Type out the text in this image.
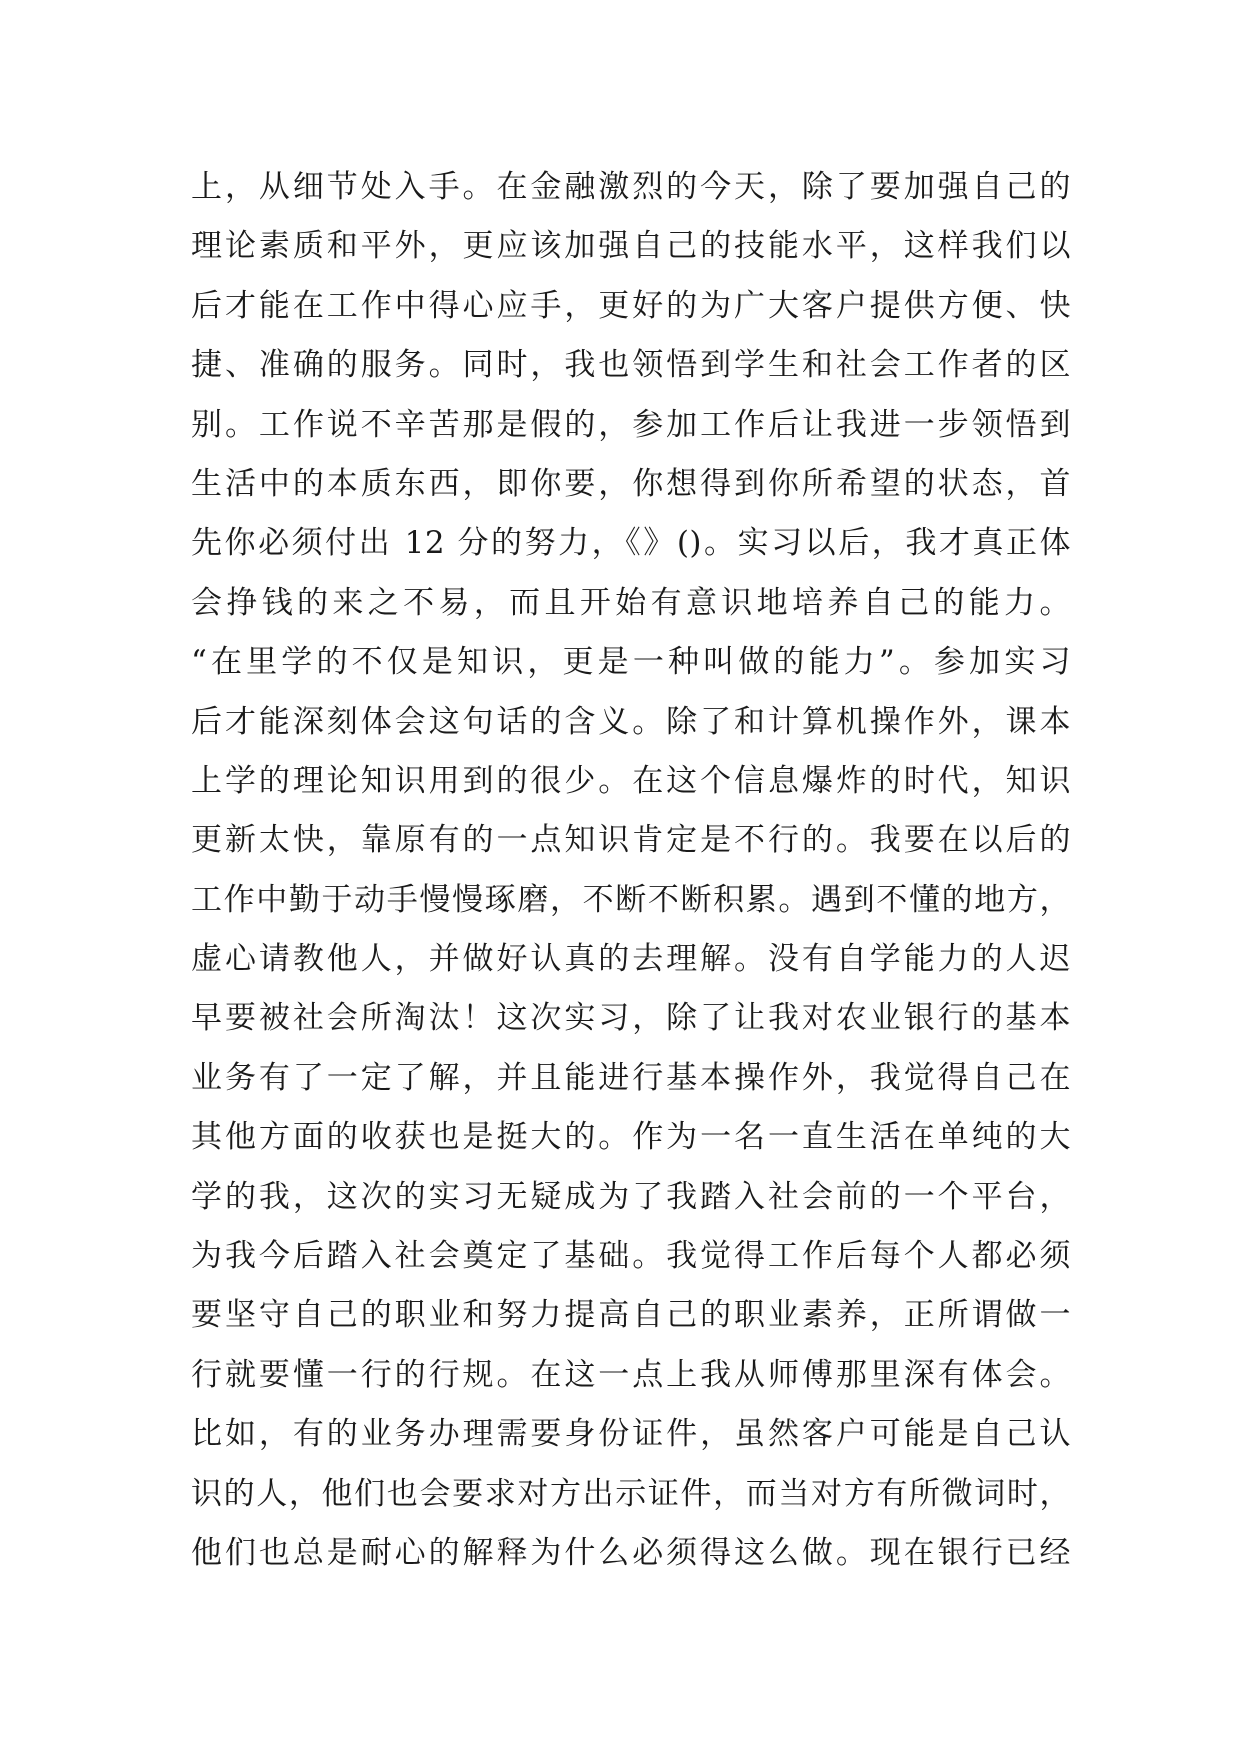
上，从细节处入手。在金融激烈的今天，除了要加强自己的
理论素质和平外，更应该加强自己的技能水平，这样我们以
后才能在工作中得心应手，更好的为广大客户提供方便、快
捷、准确的服务。同时，我也领悟到学生和社会工作者的区
别。工作说不辛苦那是假的，参加工作后让我进一步领悟到
生活中的本质东西，即你要，你想得到你所希望的状态，首
先你必须付出 12 分的努力，《》()。实习以后，我才真正体
会挣钱的来之不易，而且开始有意识地培养自己的能力。
“在里学的不仅是知识，更是一种叫做的能力”。参加实习
后才能深刻体会这句话的含义。除了和计算机操作外，课本
上学的理论知识用到的很少。在这个信息爆炸的时代，知识
更新太快，靠原有的一点知识肯定是不行的。我要在以后的
工作中勤于动手慢慢琢磨，不断不断积累。遇到不懂的地方，
虚心请教他人，并做好认真的去理解。没有自学能力的人迟
早要被社会所淘汰！这次实习，除了让我对农业银行的基本
业务有了一定了解，并且能进行基本操作外，我觉得自己在
其他方面的收获也是挺大的。作为一名一直生活在单纯的大
学的我，这次的实习无疑成为了我踏入社会前的一个平台，
为我今后踏入社会奠定了基础。我觉得工作后每个人都必须
要坚守自己的职业和努力提高自己的职业素养，正所谓做一
行就要懂一行的行规。在这一点上我从师傅那里深有体会。
比如，有的业务办理需要身份证件，虽然客户可能是自己认
识的人，他们也会要求对方出示证件，而当对方有所微词时，
他们也总是耐心的解释为什么必须得这么做。现在银行已经
